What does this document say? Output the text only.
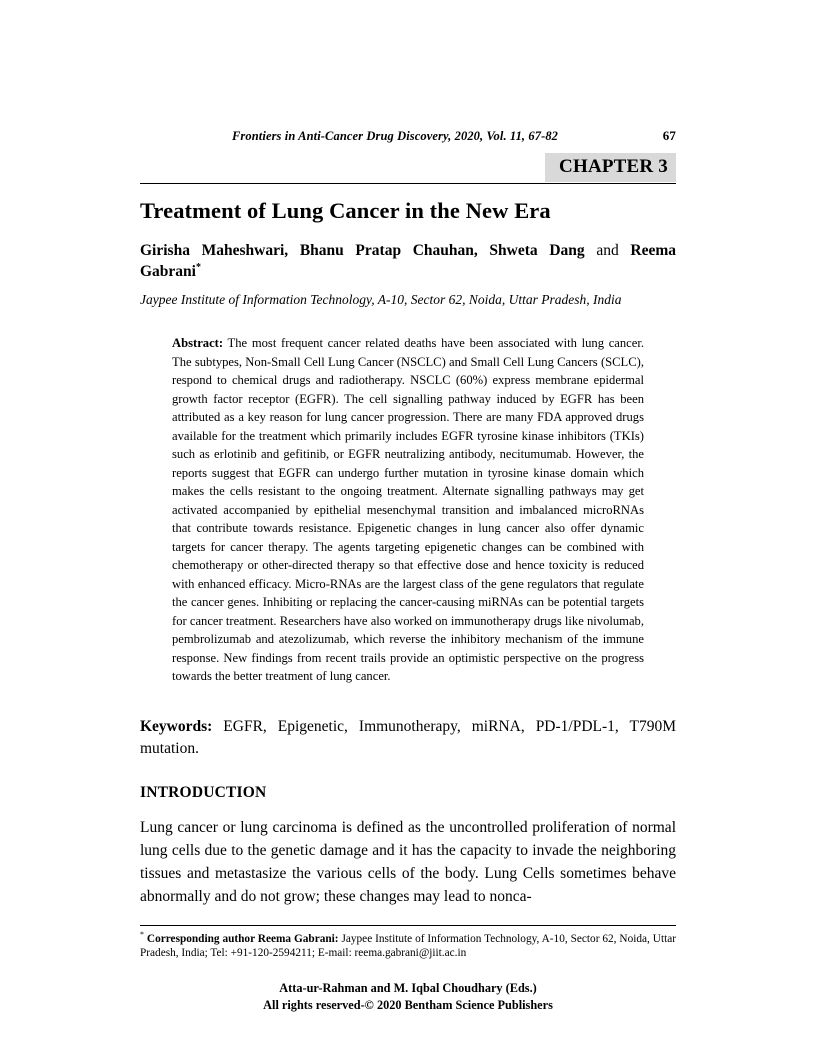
Frontiers in Anti-Cancer Drug Discovery, 2020, Vol. 11, 67-82	67
CHAPTER 3
Treatment of Lung Cancer in the New Era
Girisha Maheshwari, Bhanu Pratap Chauhan, Shweta Dang and Reema Gabrani*
Jaypee Institute of Information Technology, A-10, Sector 62, Noida, Uttar Pradesh, India
Abstract: The most frequent cancer related deaths have been associated with lung cancer. The subtypes, Non-Small Cell Lung Cancer (NSCLC) and Small Cell Lung Cancers (SCLC), respond to chemical drugs and radiotherapy. NSCLC (60%) express membrane epidermal growth factor receptor (EGFR). The cell signalling pathway induced by EGFR has been attributed as a key reason for lung cancer progression. There are many FDA approved drugs available for the treatment which primarily includes EGFR tyrosine kinase inhibitors (TKIs) such as erlotinib and gefitinib, or EGFR neutralizing antibody, necitumumab. However, the reports suggest that EGFR can undergo further mutation in tyrosine kinase domain which makes the cells resistant to the ongoing treatment. Alternate signalling pathways may get activated accompanied by epithelial mesenchymal transition and imbalanced microRNAs that contribute towards resistance. Epigenetic changes in lung cancer also offer dynamic targets for cancer therapy. The agents targeting epigenetic changes can be combined with chemotherapy or other-directed therapy so that effective dose and hence toxicity is reduced with enhanced efficacy. Micro-RNAs are the largest class of the gene regulators that regulate the cancer genes. Inhibiting or replacing the cancer-causing miRNAs can be potential targets for cancer treatment. Researchers have also worked on immunotherapy drugs like nivolumab, pembrolizumab and atezolizumab, which reverse the inhibitory mechanism of the immune response. New findings from recent trails provide an optimistic perspective on the progress towards the better treatment of lung cancer.
Keywords: EGFR, Epigenetic, Immunotherapy, miRNA, PD-1/PDL-1, T790M mutation.
INTRODUCTION

Lung cancer or lung carcinoma is defined as the uncontrolled proliferation of normal lung cells due to the genetic damage and it has the capacity to invade the neighboring tissues and metastasize the various cells of the body. Lung Cells sometimes behave abnormally and do not grow; these changes may lead to nonca-

* Corresponding author Reema Gabrani: Jaypee Institute of Information Technology, A-10, Sector 62, Noida, Uttar Pradesh, India; Tel: +91-120-2594211; E-mail: reema.gabrani@jiit.ac.in
Atta-ur-Rahman and M. Iqbal Choudhary (Eds.)
All rights reserved-© 2020 Bentham Science Publishers
